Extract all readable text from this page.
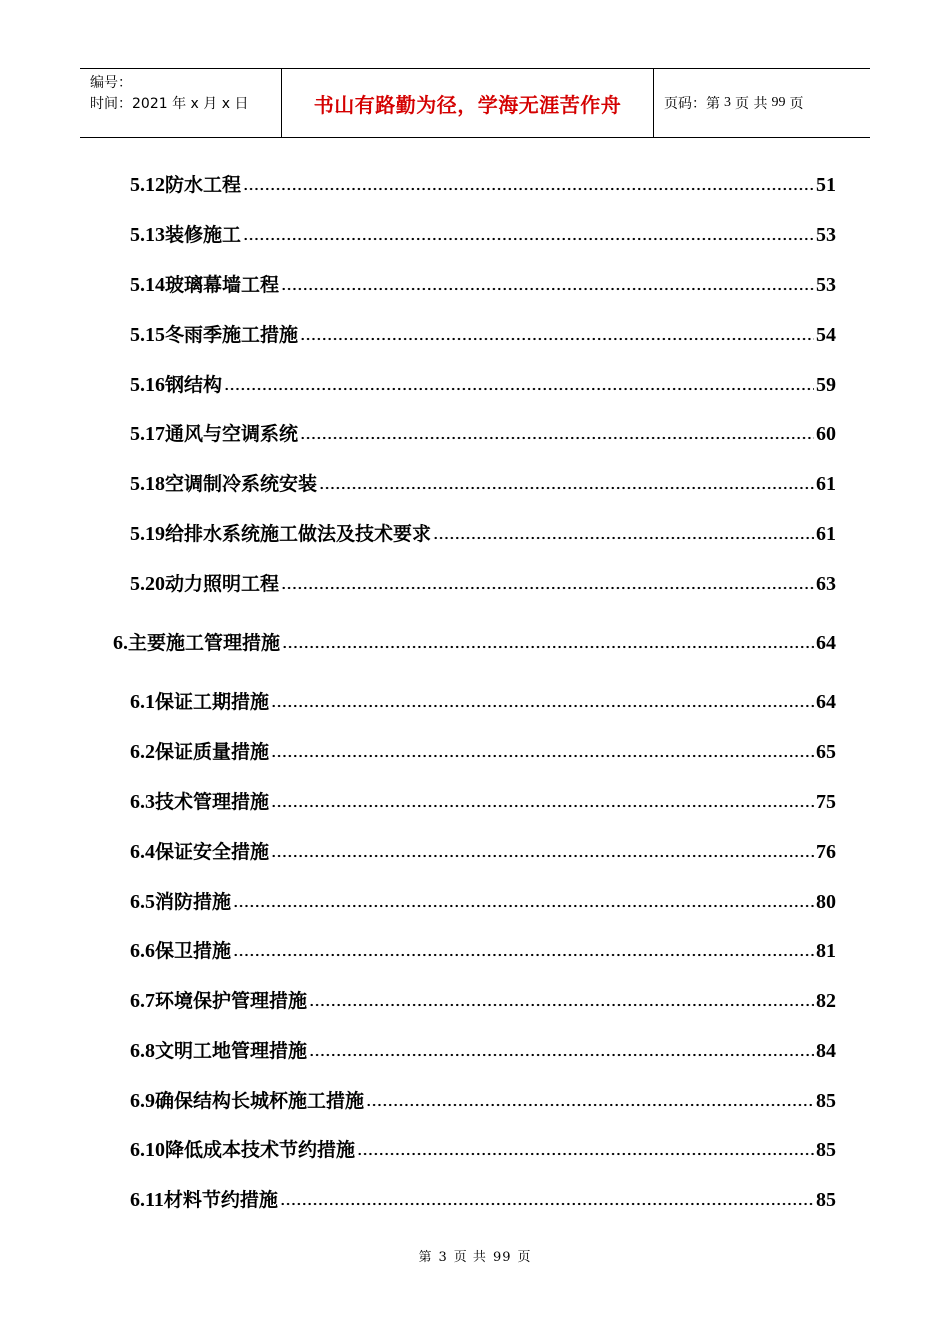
编号：
时间：2021 年 x 月 x 日	书山有路勤为径，学海无涯苦作舟	页码：第 3 页 共 99 页
5.12 防水工程	51
5.13 装修施工	53
5.14 玻璃幕墙工程	53
5.15 冬雨季施工措施	54
5.16 钢结构	59
5.17 通风与空调系统	60
5.18 空调制冷系统安装	61
5.19 给排水系统施工做法及技术要求	61
5.20 动力照明工程	63
6. 主要施工管理措施	64
6.1 保证工期措施	64
6.2 保证质量措施	65
6.3 技术管理措施	75
6.4 保证安全措施	76
6.5 消防措施	80
6.6 保卫措施	81
6.7 环境保护管理措施	82
6.8 文明工地管理措施	84
6.9 确保结构长城杯施工措施	85
6.10 降低成本技术节约措施	85
6.11 材料节约措施	85
第 3 页 共 99 页
